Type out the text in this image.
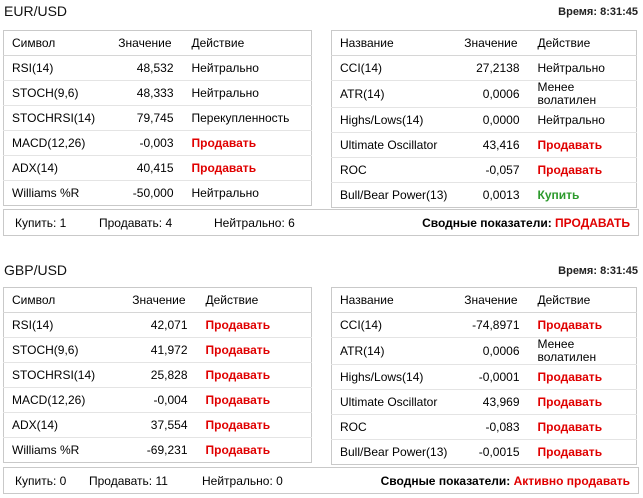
EUR/USD	Время: 8:31:45
Символ	Значение	Действие
RSI(14)	48,532	Нейтрально
STOCH(9,6)	48,333	Нейтрально
STOCHRSI(14)	79,745	Перекупленность
MACD(12,26)	-0,003	Продавать
ADX(14)	40,415	Продавать
Williams %R	-50,000	Нейтрально
Название	Значение	Действие
CCI(14)	27,2138	Нейтрально
ATR(14)	0,0006	Менее волатилен
Highs/Lows(14)	0,0000	Нейтрально
Ultimate Oscillator	43,416	Продавать
ROC	-0,057	Продавать
Bull/Bear Power(13)	0,0013	Купить
Купить: 1	Продавать: 4	Нейтрально: 6	Сводные показатели: ПРОДАВАТЬ
GBP/USD	Время: 8:31:45
Символ	Значение	Действие
RSI(14)	42,071	Продавать
STOCH(9,6)	41,972	Продавать
STOCHRSI(14)	25,828	Продавать
MACD(12,26)	-0,004	Продавать
ADX(14)	37,554	Продавать
Williams %R	-69,231	Продавать
Название	Значение	Действие
CCI(14)	-74,8971	Продавать
ATR(14)	0,0006	Менее волатилен
Highs/Lows(14)	-0,0001	Продавать
Ultimate Oscillator	43,969	Продавать
ROC	-0,083	Продавать
Bull/Bear Power(13)	-0,0015	Продавать
Купить: 0 Продавать: 11	Нейтрально: 0	Сводные показатели: Активно продавать
